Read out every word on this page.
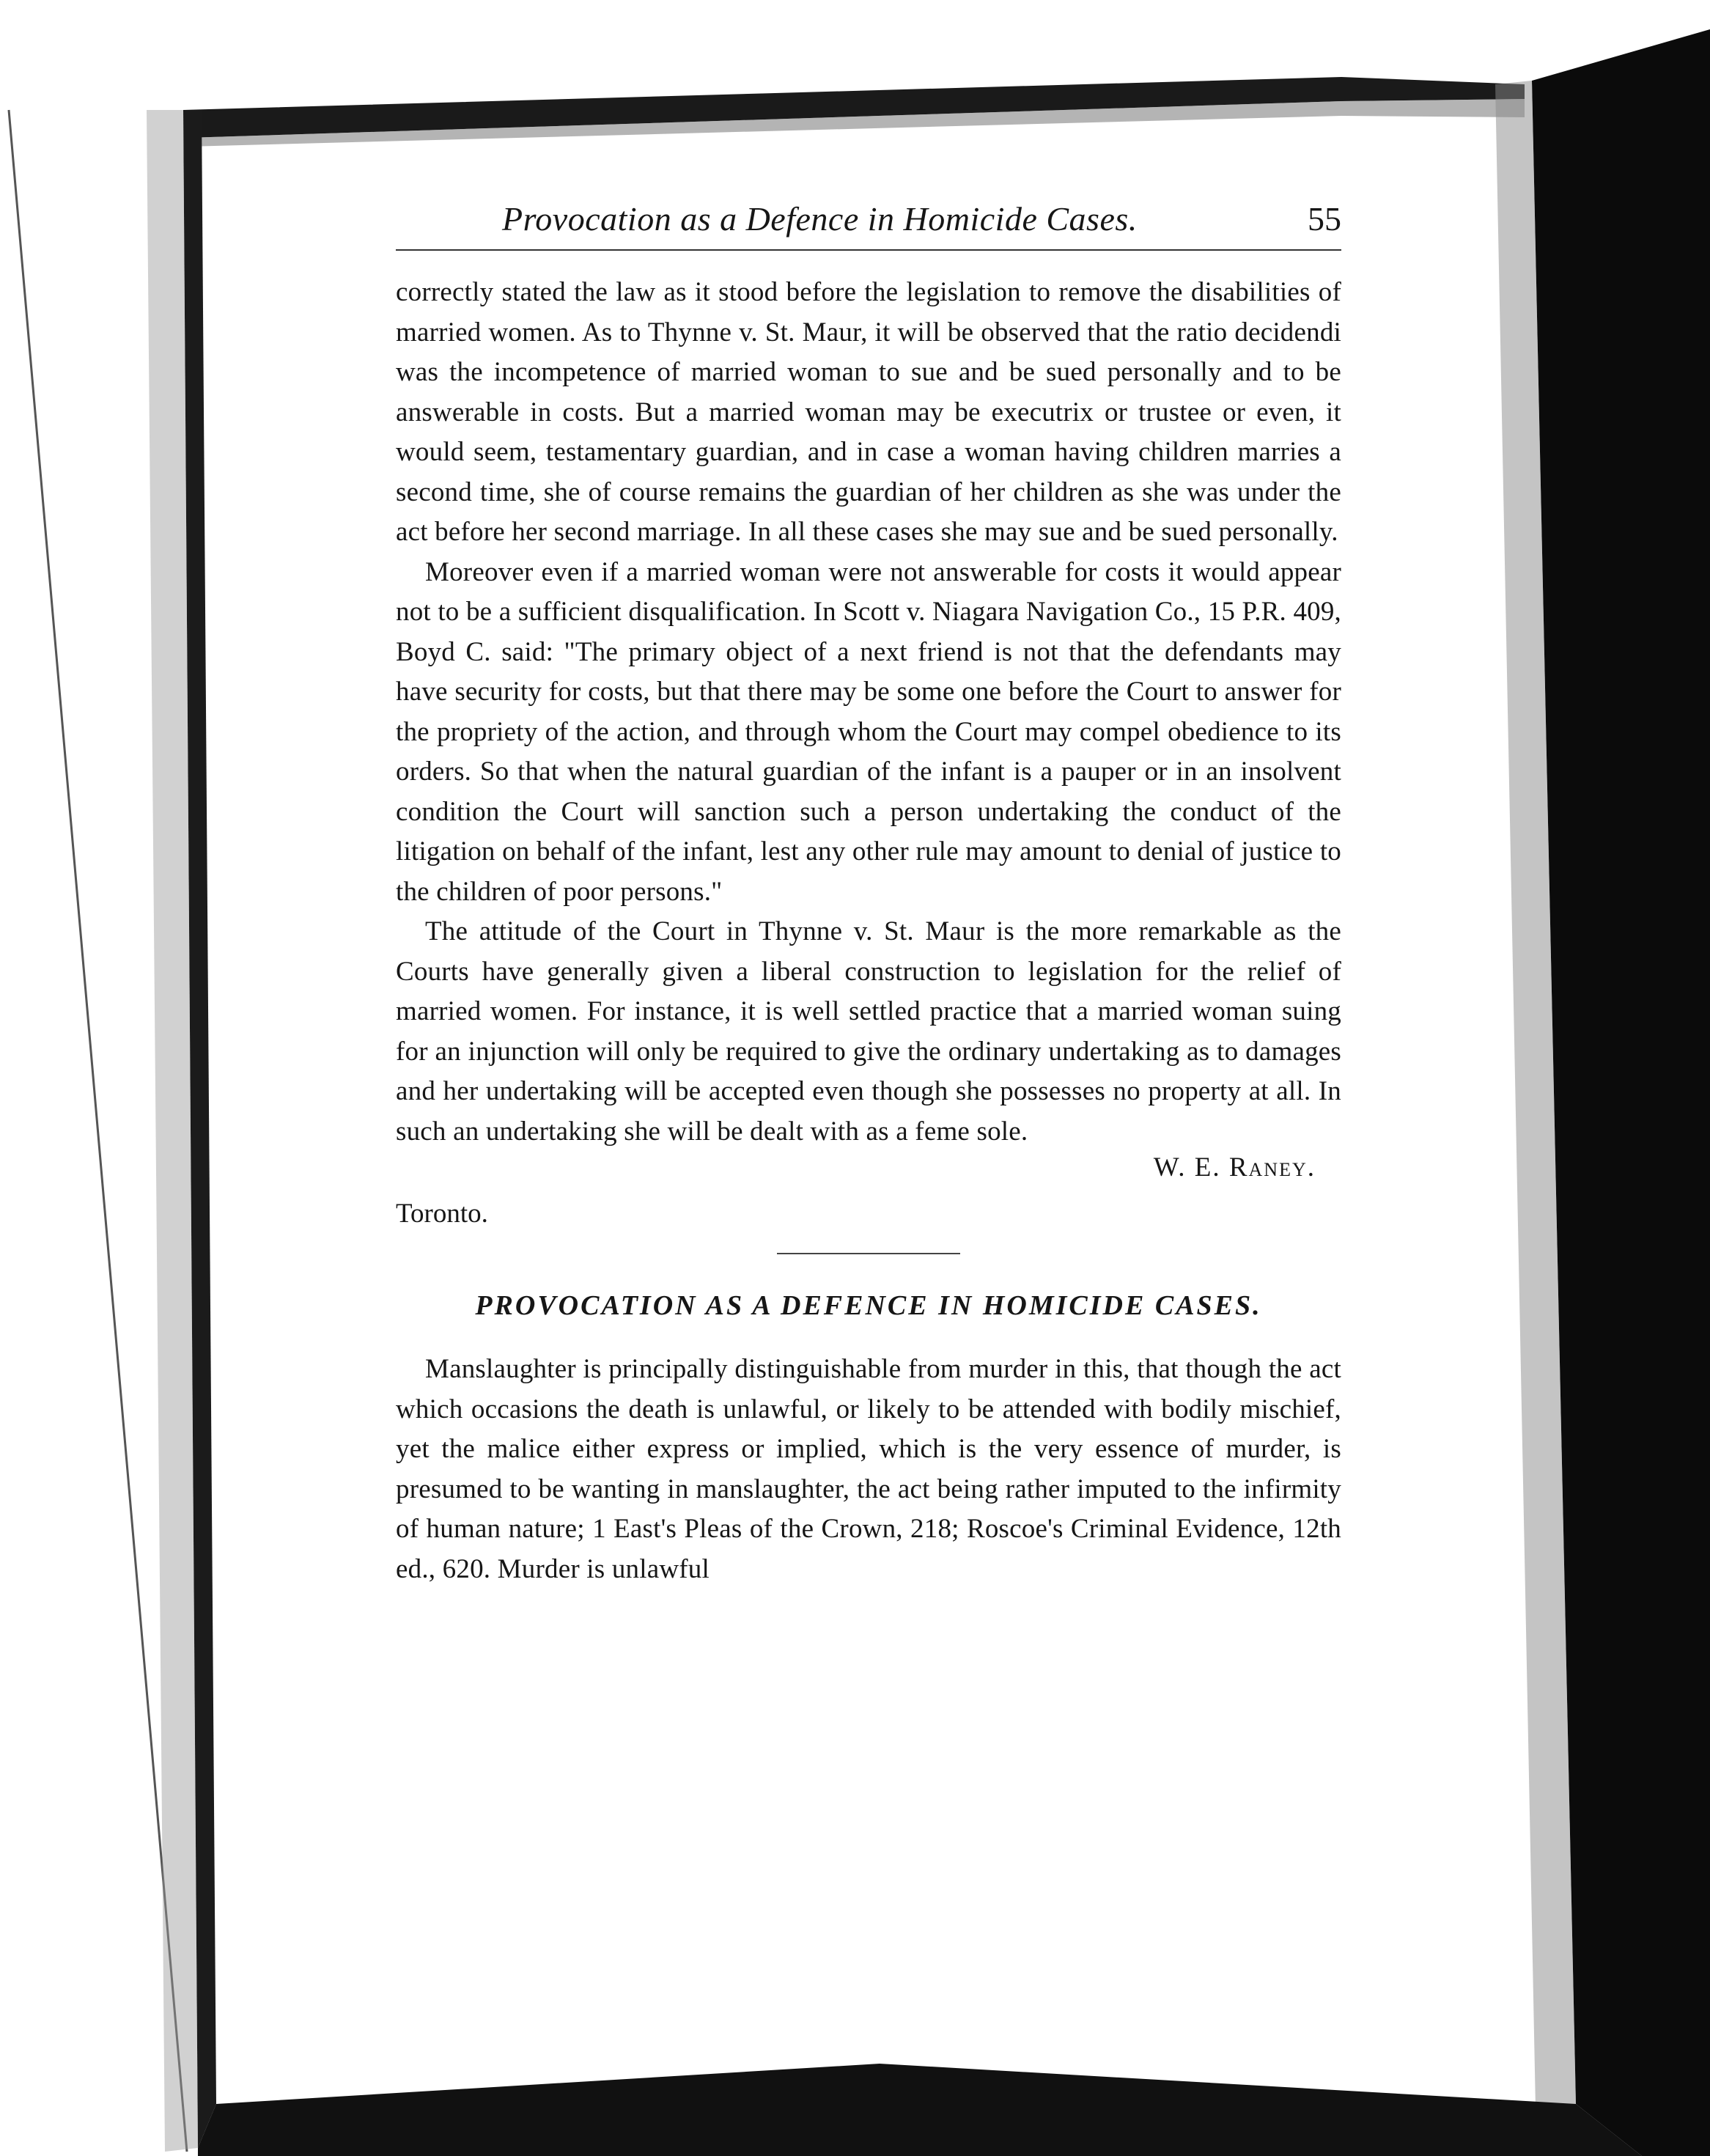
Provocation as a Defence in Homicide Cases.	55

correctly stated the law as it stood before the legislation to remove the disabilities of married women. As to Thynne v. St. Maur, it will be observed that the ratio decidendi was the incompetence of married woman to sue and be sued personally and to be answerable in costs. But a married woman may be executrix or trustee or even, it would seem, testamentary guardian, and in case a woman having children marries a second time, she of course remains the guardian of her children as she was under the act before her second marriage. In all these cases she may sue and be sued personally.

Moreover even if a married woman were not answerable for costs it would appear not to be a sufficient disqualification. In Scott v. Niagara Navigation Co., 15 P.R. 409, Boyd C. said: "The primary object of a next friend is not that the defendants may have security for costs, but that there may be some one before the Court to answer for the propriety of the action, and through whom the Court may compel obedience to its orders. So that when the natural guardian of the infant is a pauper or in an insolvent condition the Court will sanction such a person undertaking the conduct of the litigation on behalf of the infant, lest any other rule may amount to denial of justice to the children of poor persons."

The attitude of the Court in Thynne v. St. Maur is the more remarkable as the Courts have generally given a liberal construction to legislation for the relief of married women. For instance, it is well settled practice that a married woman suing for an injunction will only be required to give the ordinary undertaking as to damages and her undertaking will be accepted even though she possesses no property at all. In such an undertaking she will be dealt with as a feme sole.

W. E. Raney.

Toronto.

PROVOCATION AS A DEFENCE IN HOMICIDE CASES.

Manslaughter is principally distinguishable from murder in this, that though the act which occasions the death is unlawful, or likely to be attended with bodily mischief, yet the malice either express or implied, which is the very essence of murder, is presumed to be wanting in manslaughter, the act being rather imputed to the infirmity of human nature; 1 East's Pleas of the Crown, 218; Roscoe's Criminal Evidence, 12th ed., 620. Murder is unlawful
